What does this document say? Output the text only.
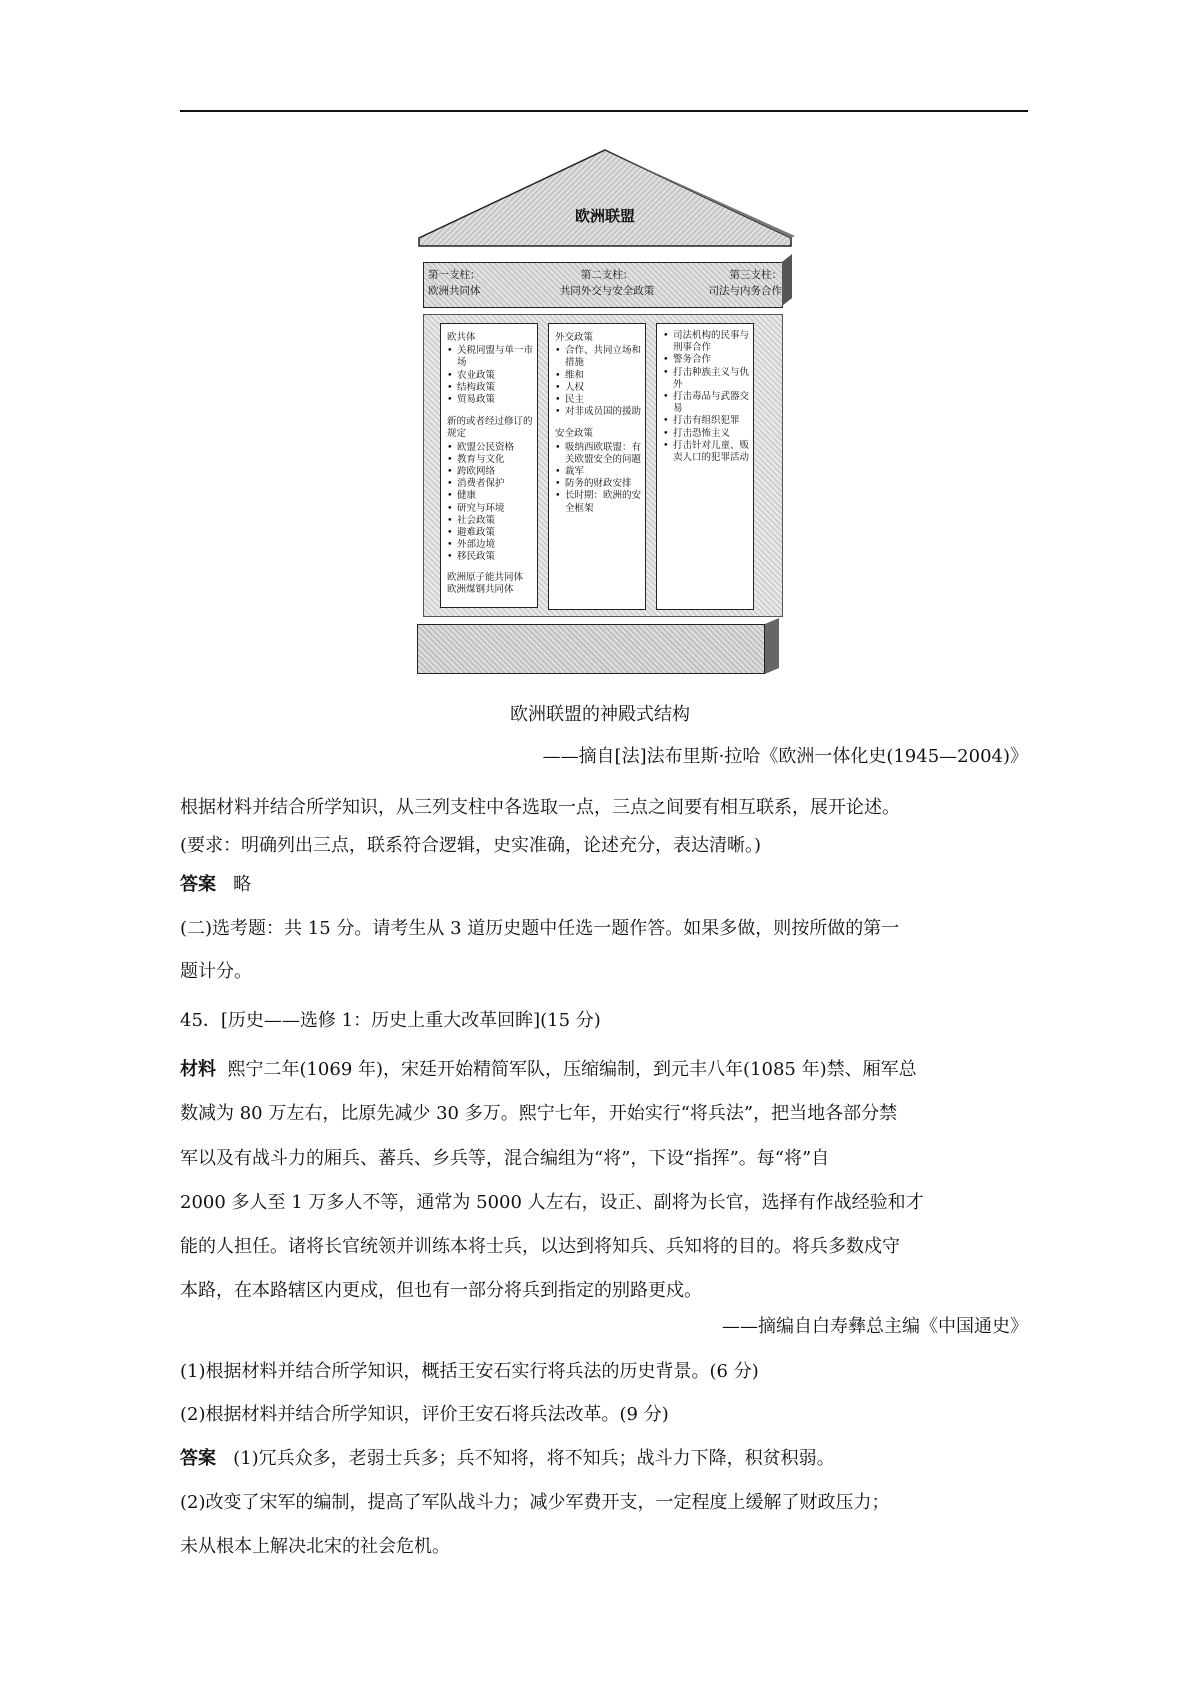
欧洲联盟
第一支柱：
欧洲共同体
第二支柱：
共同外交与安全政策
第三支柱：
司法与内务合作
欧共体
• 关税同盟与单一市场
• 农业政策
• 结构政策
• 贸易政策
新的或者经过修订的规定
• 欧盟公民资格
• 教育与文化
• 跨欧网络
• 消费者保护
• 健康
• 研究与环境
• 社会政策
• 避难政策
• 外部边境
• 移民政策
欧洲原子能共同体
欧洲煤钢共同体
外交政策
• 合作、共同立场和措施
• 维和
• 人权
• 民主
• 对非成员国的援助
安全政策
• 吸纳西欧联盟：有关欧盟安全的问题
• 裁军
• 防务的财政安排
• 长时期：欧洲的安全框架
• 司法机构的民事与刑事合作
• 警务合作
• 打击种族主义与仇外
• 打击毒品与武器交易
• 打击有组织犯罪
• 打击恐怖主义
• 打击针对儿童、贩卖人口的犯罪活动
欧洲联盟的神殿式结构
——摘自[法]法布里斯·拉哈《欧洲一体化史(1945—2004)》
根据材料并结合所学知识，从三列支柱中各选取一点，三点之间要有相互联系，展开论述。
(要求：明确列出三点，联系符合逻辑，史实准确，论述充分，表达清晰。)
答案 略
(二)选考题：共 15 分。请考生从 3 道历史题中任选一题作答。如果多做，则按所做的第一
题计分。
45．[历史——选修 1：历史上重大改革回眸](15 分)
材料 熙宁二年(1069 年)，宋廷开始精简军队，压缩编制，到元丰八年(1085 年)禁、厢军总
数减为 80 万左右，比原先减少 30 多万。熙宁七年，开始实行“将兵法”，把当地各部分禁
军以及有战斗力的厢兵、蕃兵、乡兵等，混合编组为“将”，下设“指挥”。每“将”自
2000 多人至 1 万多人不等，通常为 5000 人左右，设正、副将为长官，选择有作战经验和才
能的人担任。诸将长官统领并训练本将士兵，以达到将知兵、兵知将的目的。将兵多数戍守
本路，在本路辖区内更戍，但也有一部分将兵到指定的别路更戍。
——摘编自白寿彝总主编《中国通史》
(1)根据材料并结合所学知识，概括王安石实行将兵法的历史背景。(6 分)
(2)根据材料并结合所学知识，评价王安石将兵法改革。(9 分)
答案 (1)冗兵众多，老弱士兵多；兵不知将，将不知兵；战斗力下降，积贫积弱。
(2)改变了宋军的编制，提高了军队战斗力；减少军费开支，一定程度上缓解了财政压力；
未从根本上解决北宋的社会危机。
